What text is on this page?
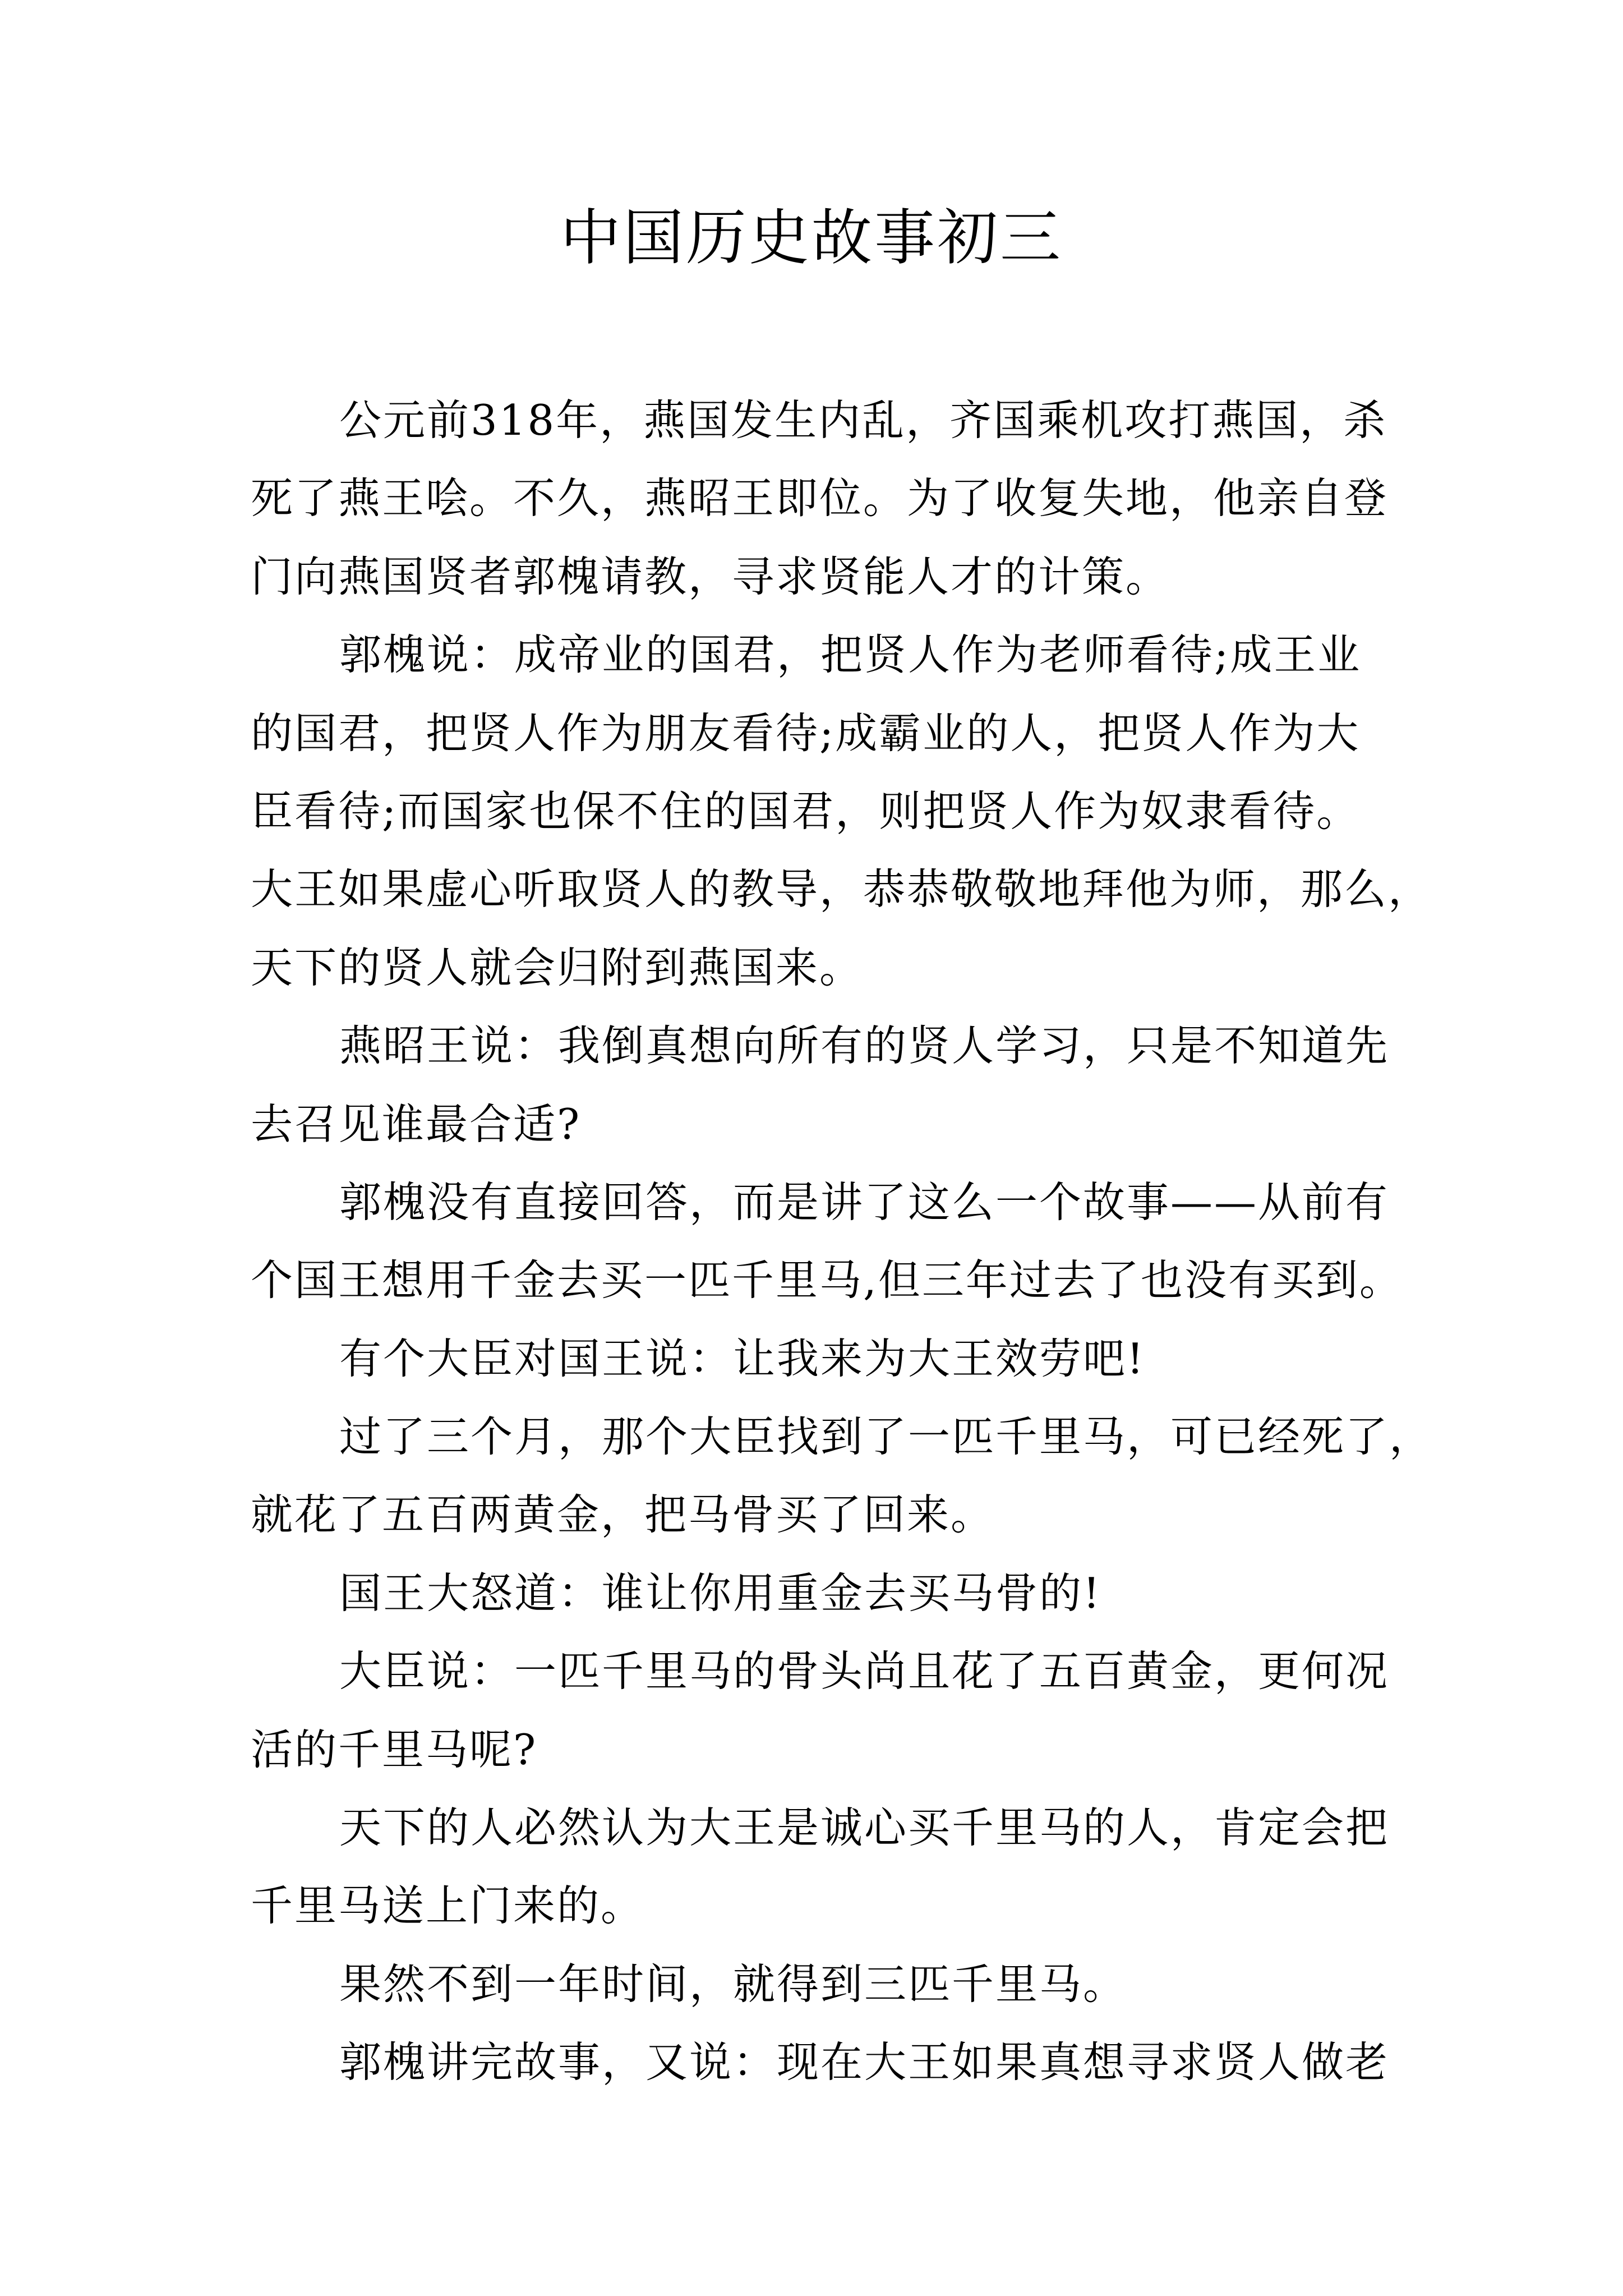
中国历史故事初三
公元前318年，燕国发生内乱，齐国乘机攻打燕国，杀
死了燕王哙。不久，燕昭王即位。为了收复失地，他亲自登
门向燕国贤者郭槐请教，寻求贤能人才的计策。
郭槐说：成帝业的国君，把贤人作为老师看待;成王业
的国君，把贤人作为朋友看待;成霸业的人，把贤人作为大
臣看待;而国家也保不住的国君，则把贤人作为奴隶看待。
大王如果虚心听取贤人的教导，恭恭敬敬地拜他为师，那么，
天下的贤人就会归附到燕国来。
燕昭王说：我倒真想向所有的贤人学习，只是不知道先
去召见谁最合适?
郭槐没有直接回答，而是讲了这么一个故事——从前有
个国王想用千金去买一匹千里马,但三年过去了也没有买到。
有个大臣对国王说：让我来为大王效劳吧!
过了三个月，那个大臣找到了一匹千里马，可已经死了，
就花了五百两黄金，把马骨买了回来。
国王大怒道：谁让你用重金去买马骨的!
大臣说：一匹千里马的骨头尚且花了五百黄金，更何况
活的千里马呢?
天下的人必然认为大王是诚心买千里马的人，肯定会把
千里马送上门来的。
果然不到一年时间，就得到三匹千里马。
郭槐讲完故事，又说：现在大王如果真想寻求贤人做老
